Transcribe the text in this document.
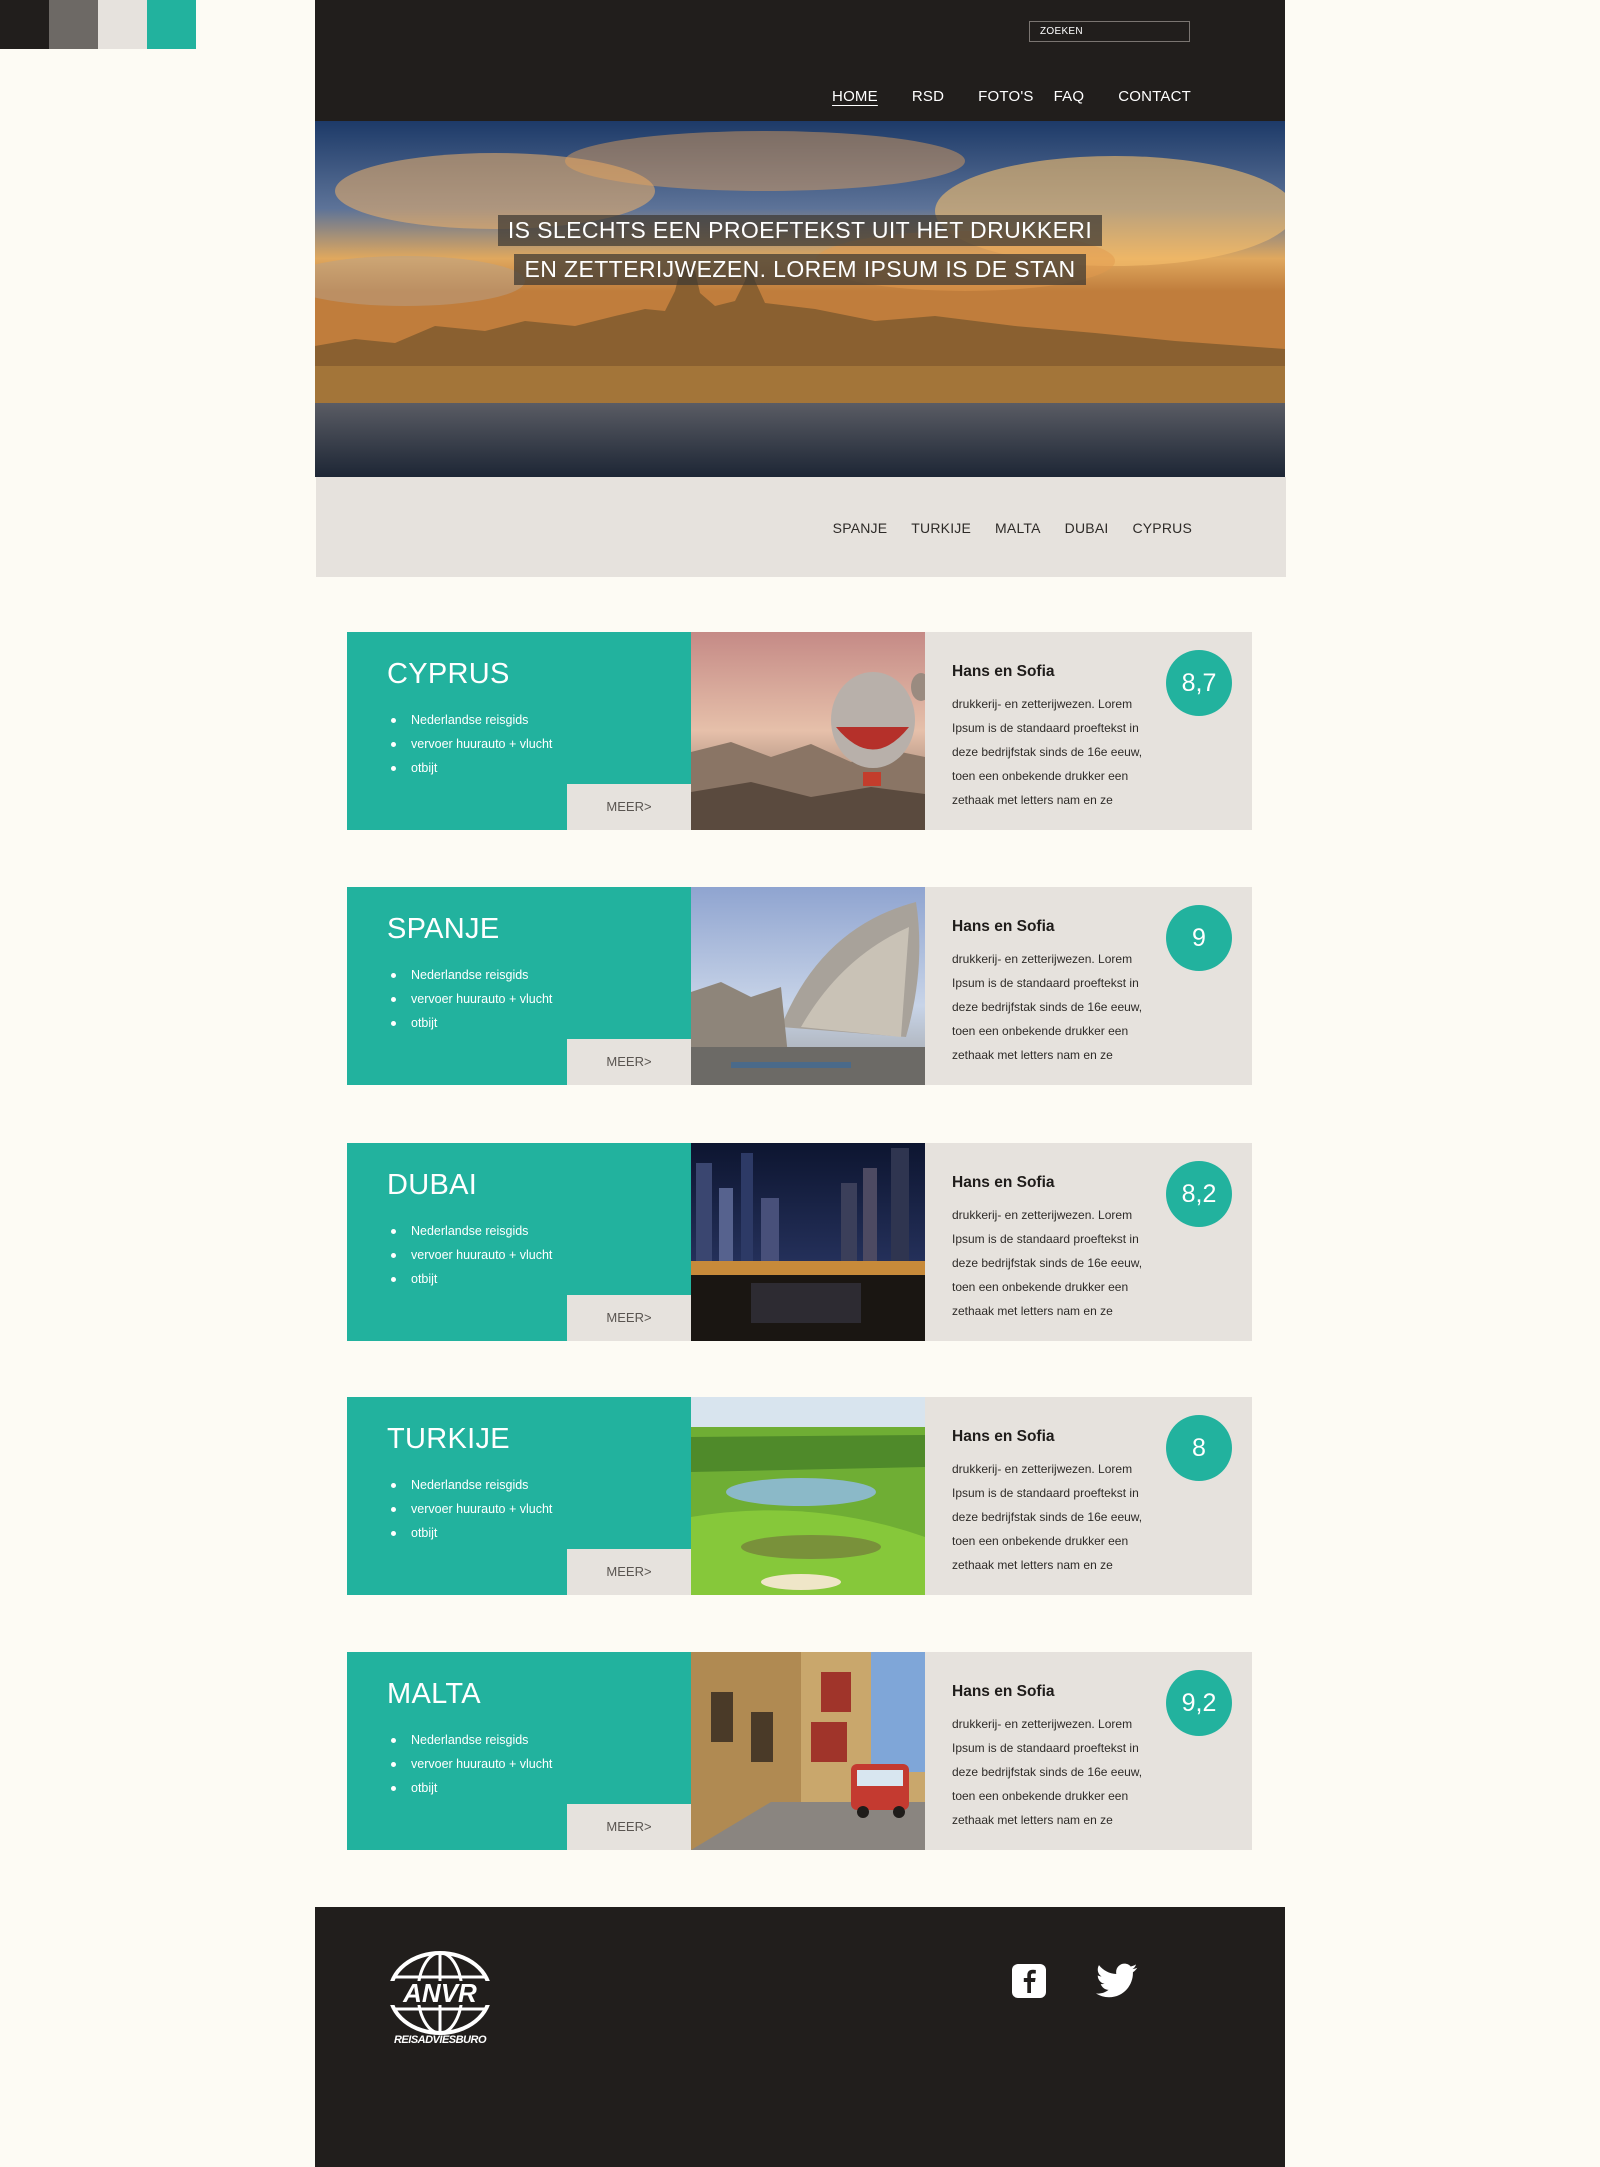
ZOEKEN
HOME RSD FOTO'S FAQ CONTACT
IS SLECHTS EEN PROEFTEKST UIT HET DRUKKERI
EN ZETTERIJWEZEN. LOREM IPSUM IS DE STAN
SPANJE TURKIJE MALTA DUBAI CYPRUS
CYPRUS
Nederlandse reisgids
vervoer huurauto + vlucht
otbijt
MEER>
Hans en Sofia
drukkerij- en zetterijwezen. Lorem Ipsum is de standaard proeftekst in deze bedrijfstak sinds de 16e eeuw, toen een onbekende drukker een zethaak met letters nam en ze
8,7
SPANJE
Nederlandse reisgids
vervoer huurauto + vlucht
otbijt
MEER>
Hans en Sofia
drukkerij- en zetterijwezen. Lorem Ipsum is de standaard proeftekst in deze bedrijfstak sinds de 16e eeuw, toen een onbekende drukker een zethaak met letters nam en ze
9
DUBAI
Nederlandse reisgids
vervoer huurauto + vlucht
otbijt
MEER>
Hans en Sofia
drukkerij- en zetterijwezen. Lorem Ipsum is de standaard proeftekst in deze bedrijfstak sinds de 16e eeuw, toen een onbekende drukker een zethaak met letters nam en ze
8,2
TURKIJE
Nederlandse reisgids
vervoer huurauto + vlucht
otbijt
MEER>
Hans en Sofia
drukkerij- en zetterijwezen. Lorem Ipsum is de standaard proeftekst in deze bedrijfstak sinds de 16e eeuw, toen een onbekende drukker een zethaak met letters nam en ze
8
MALTA
Nederlandse reisgids
vervoer huurauto + vlucht
otbijt
MEER>
Hans en Sofia
drukkerij- en zetterijwezen. Lorem Ipsum is de standaard proeftekst in deze bedrijfstak sinds de 16e eeuw, toen een onbekende drukker een zethaak met letters nam en ze
9,2
ANVR
REISADVIESBURO
